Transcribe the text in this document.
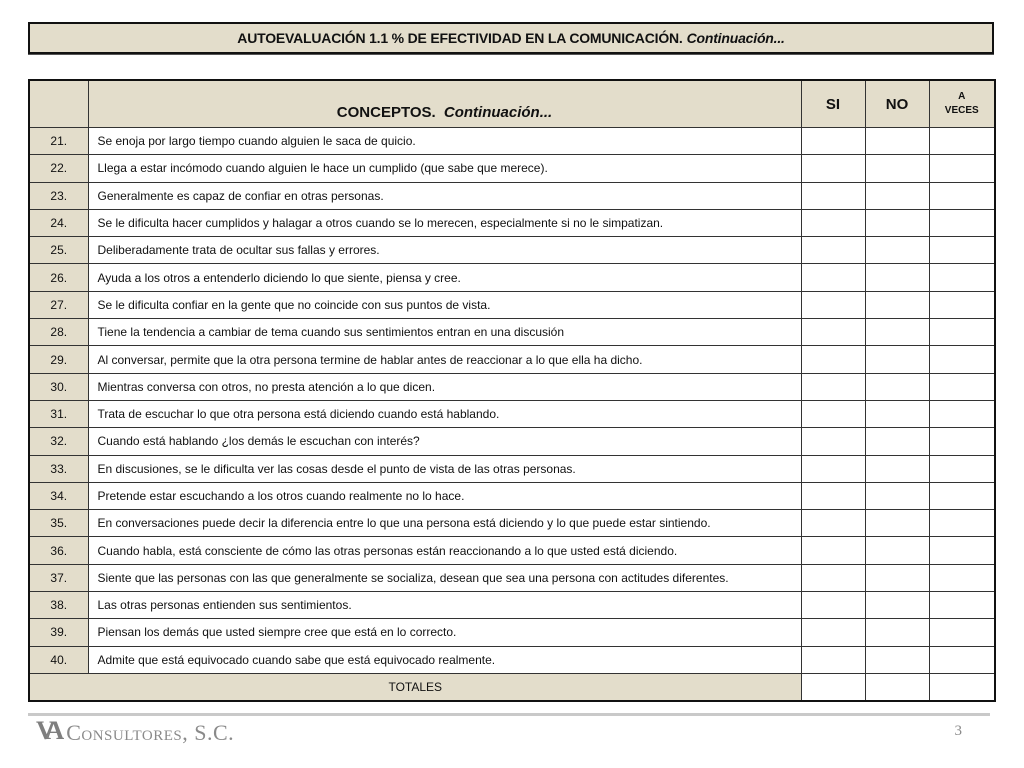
AUTOEVALUACIÓN 1.1 % DE EFECTIVIDAD EN LA COMUNICACIÓN. Continuación...
	CONCEPTOS. Continuación...	SI	NO	A
VECES

21.	Se enoja por largo tiempo cuando alguien le saca de quicio.			
22.	Llega a estar incómodo cuando alguien le hace un cumplido (que sabe que merece).			
23.	Generalmente es capaz de confiar en otras personas.			
24.	Se le dificulta hacer cumplidos y halagar a otros cuando se lo merecen, especialmente si no le simpatizan.			
25.	Deliberadamente trata de ocultar sus fallas y errores.			
26.	Ayuda a los otros a entenderlo diciendo lo que siente, piensa y cree.			
27.	Se le dificulta confiar en la gente que no coincide con sus puntos de vista.			
28.	Tiene la tendencia a cambiar de tema cuando sus sentimientos entran en una discusión			
29.	Al conversar, permite que la otra persona termine de hablar antes de reaccionar a lo que ella ha dicho.			
30.	Mientras conversa con otros, no presta atención a lo que dicen.			
31.	Trata de escuchar lo que otra persona está diciendo cuando está hablando.			
32.	Cuando está hablando ¿los demás le escuchan con interés?			
33.	En discusiones, se le dificulta ver las cosas desde el punto de vista de las otras personas.			
34.	Pretende estar escuchando a los otros cuando realmente no lo hace.			
35.	En conversaciones puede decir la diferencia entre lo que una persona está diciendo y lo que puede estar sintiendo.			
36.	Cuando habla, está consciente de cómo las otras personas están reaccionando a lo que usted está diciendo.			
37.	Siente que las personas con las que generalmente se socializa, desean que sea una persona con actitudes diferentes.			
38.	Las otras personas entienden sus sentimientos.			
39.	Piensan los demás que usted siempre cree que está en lo correcto.			
40.	Admite que está equivocado cuando sabe que está equivocado realmente.			
TOTALES				
VA Consultores, S.C.	3
